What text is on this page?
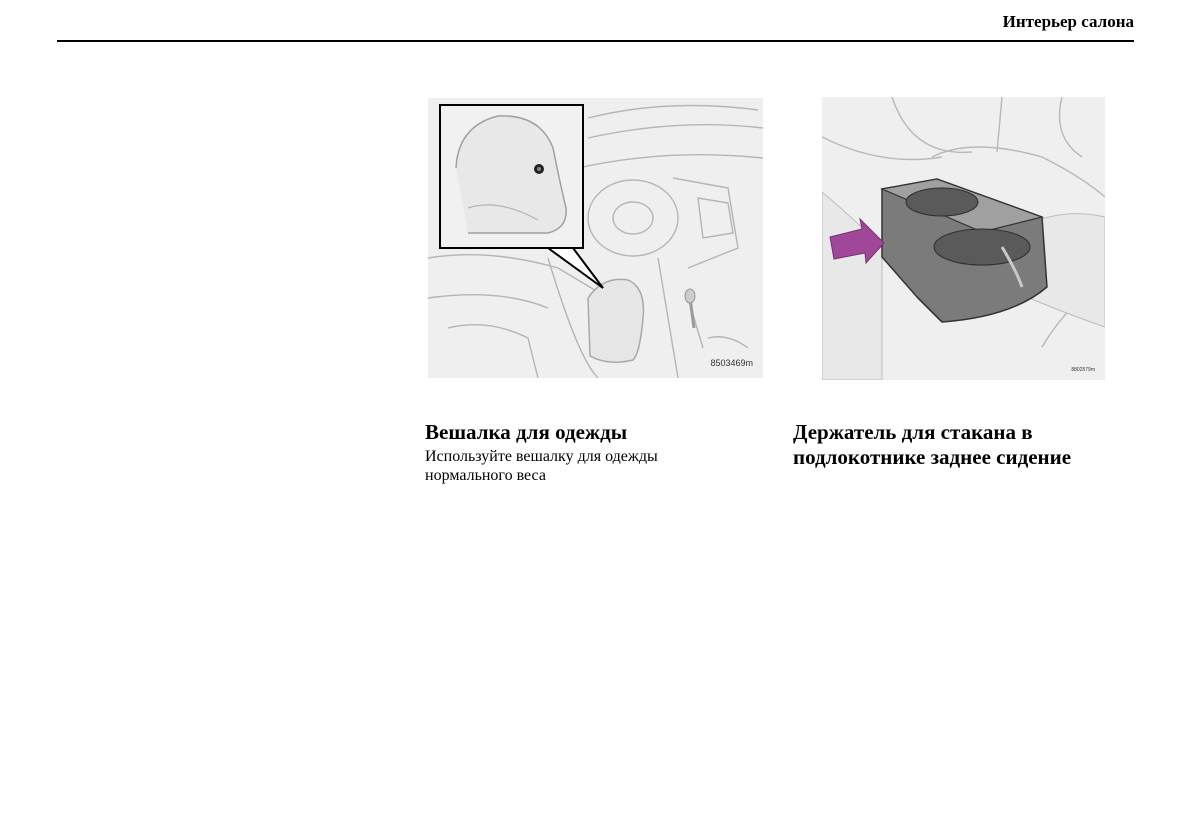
Интерьер салона
8503469m
8802579m
Вешалка для одежды

Используйте вешалку для одежды нормального веса

Держатель для стакана в подлокотнике заднее сидение
